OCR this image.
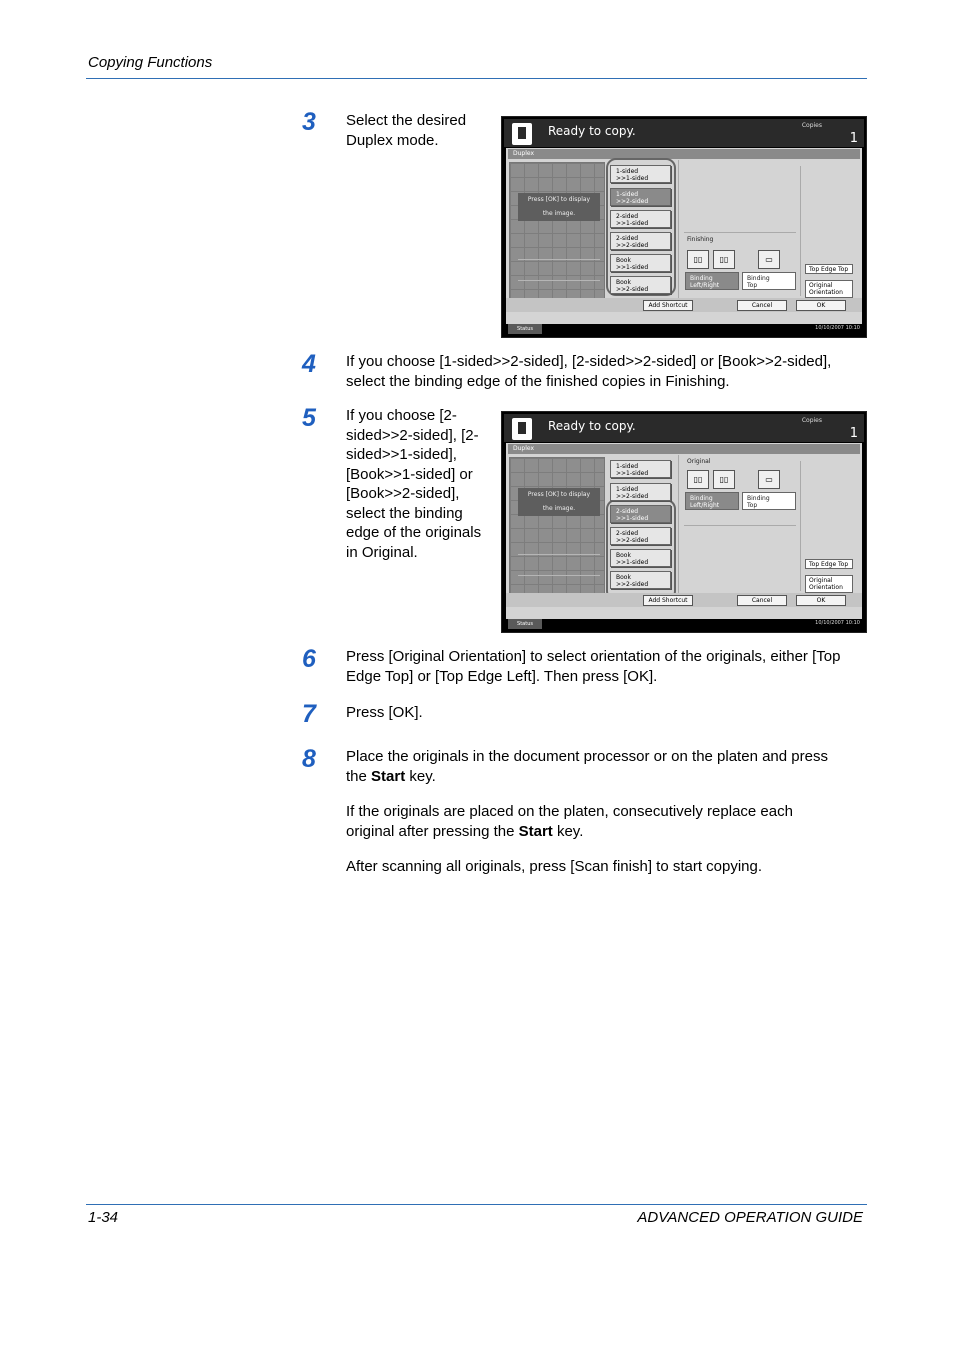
Copying Functions
3 Select the desired
Duplex mode.
Ready to copy.	Copies
1
Duplex
Press [OK] to display
the image.
1-sided
>>1-sided
1-sided
>>2-sided
2-sided
>>1-sided
2-sided
>>2-sided
Book
>>1-sided
Book
>>2-sided
Finishing
▯▯	▯▯	▭
Binding
Left/Right
Binding
Top
Top Edge Top
Original
Orientation
Add Shortcut	Cancel	OK
Status	10/10/2007 10:10
4 If you choose [1-sided>>2-sided], [2-sided>>2-sided] or [Book>>2-sided],
select the binding edge of the finished copies in Finishing.
5 If you choose [2-
sided>>2-sided], [2-
sided>>1-sided],
[Book>>1-sided] or
[Book>>2-sided],
select the binding
edge of the originals
in Original.
Ready to copy.	Copies
1
Duplex
Press [OK] to display
the image.
1-sided
>>1-sided
1-sided
>>2-sided
2-sided
>>1-sided
2-sided
>>2-sided
Book
>>1-sided
Book
>>2-sided
Original
▯▯	▯▯	▭
Binding
Left/Right
Binding
Top
Top Edge Top
Original
Orientation
Add Shortcut	Cancel	OK
Status	10/10/2007 10:10
6 Press [Original Orientation] to select orientation of the originals, either [Top
Edge Top] or [Top Edge Left]. Then press [OK].
7 Press [OK].
8 Place the originals in the document processor or on the platen and press
the Start key.
If the originals are placed on the platen, consecutively replace each
original after pressing the Start key.
After scanning all originals, press [Scan finish] to start copying.
1-34	ADVANCED OPERATION GUIDE
